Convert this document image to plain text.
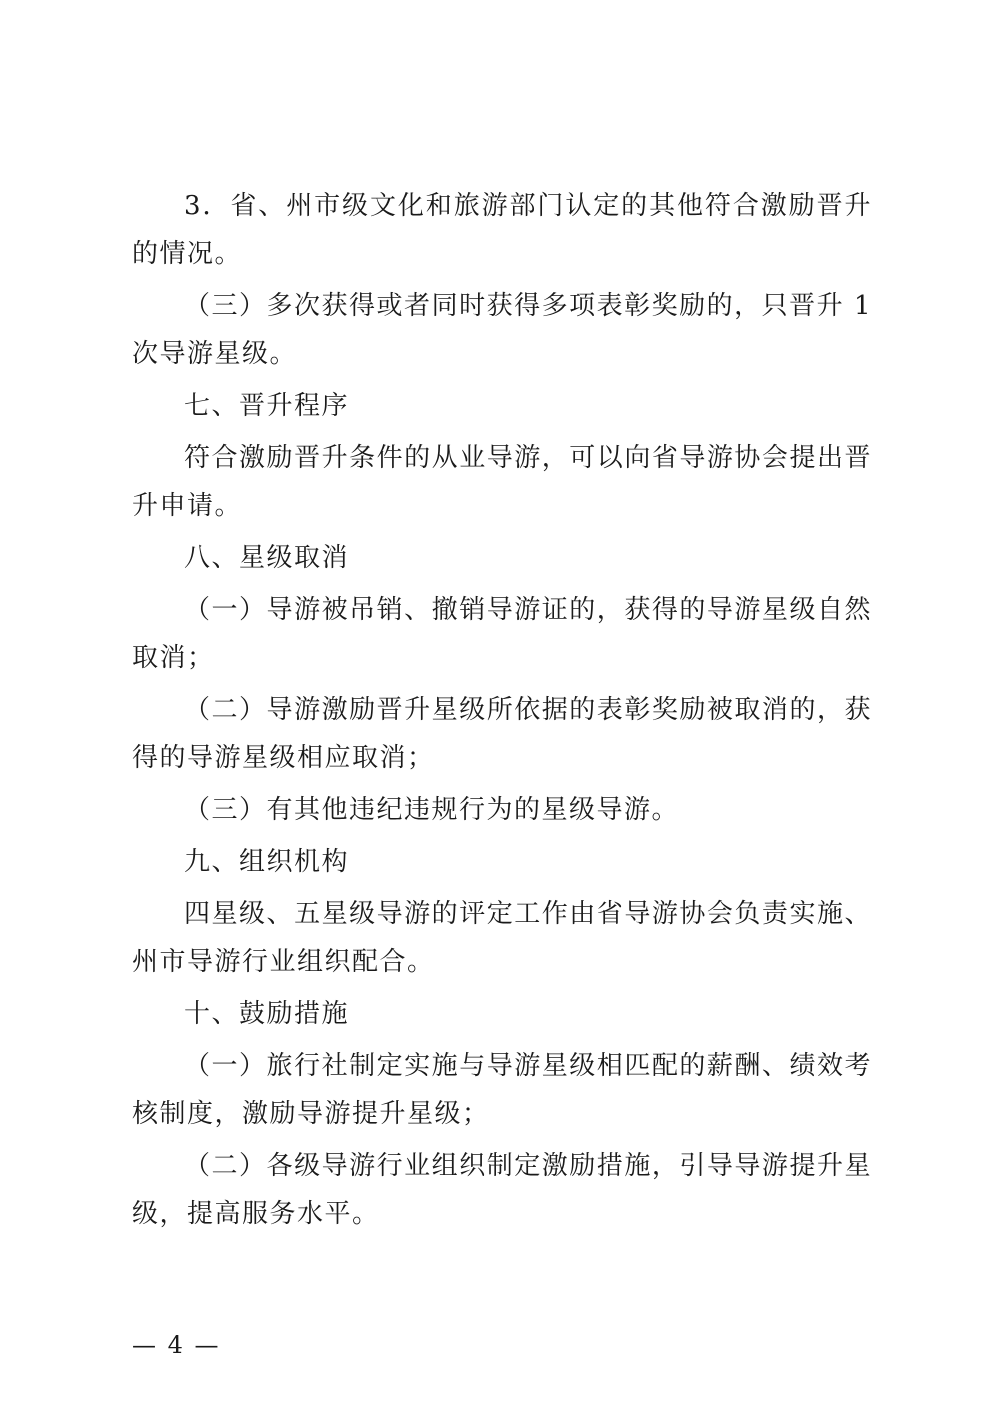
3．省、州市级文化和旅游部门认定的其他符合激励晋升的情况。

（三）多次获得或者同时获得多项表彰奖励的，只晋升 1 次导游星级。

七、晋升程序

符合激励晋升条件的从业导游，可以向省导游协会提出晋升申请。

八、星级取消

（一）导游被吊销、撤销导游证的，获得的导游星级自然取消；

（二）导游激励晋升星级所依据的表彰奖励被取消的，获得的导游星级相应取消；

（三）有其他违纪违规行为的星级导游。

九、组织机构

四星级、五星级导游的评定工作由省导游协会负责实施、州市导游行业组织配合。

十、鼓励措施

（一）旅行社制定实施与导游星级相匹配的薪酬、绩效考核制度，激励导游提升星级；

（二）各级导游行业组织制定激励措施，引导导游提升星级，提高服务水平。

— 4 —
